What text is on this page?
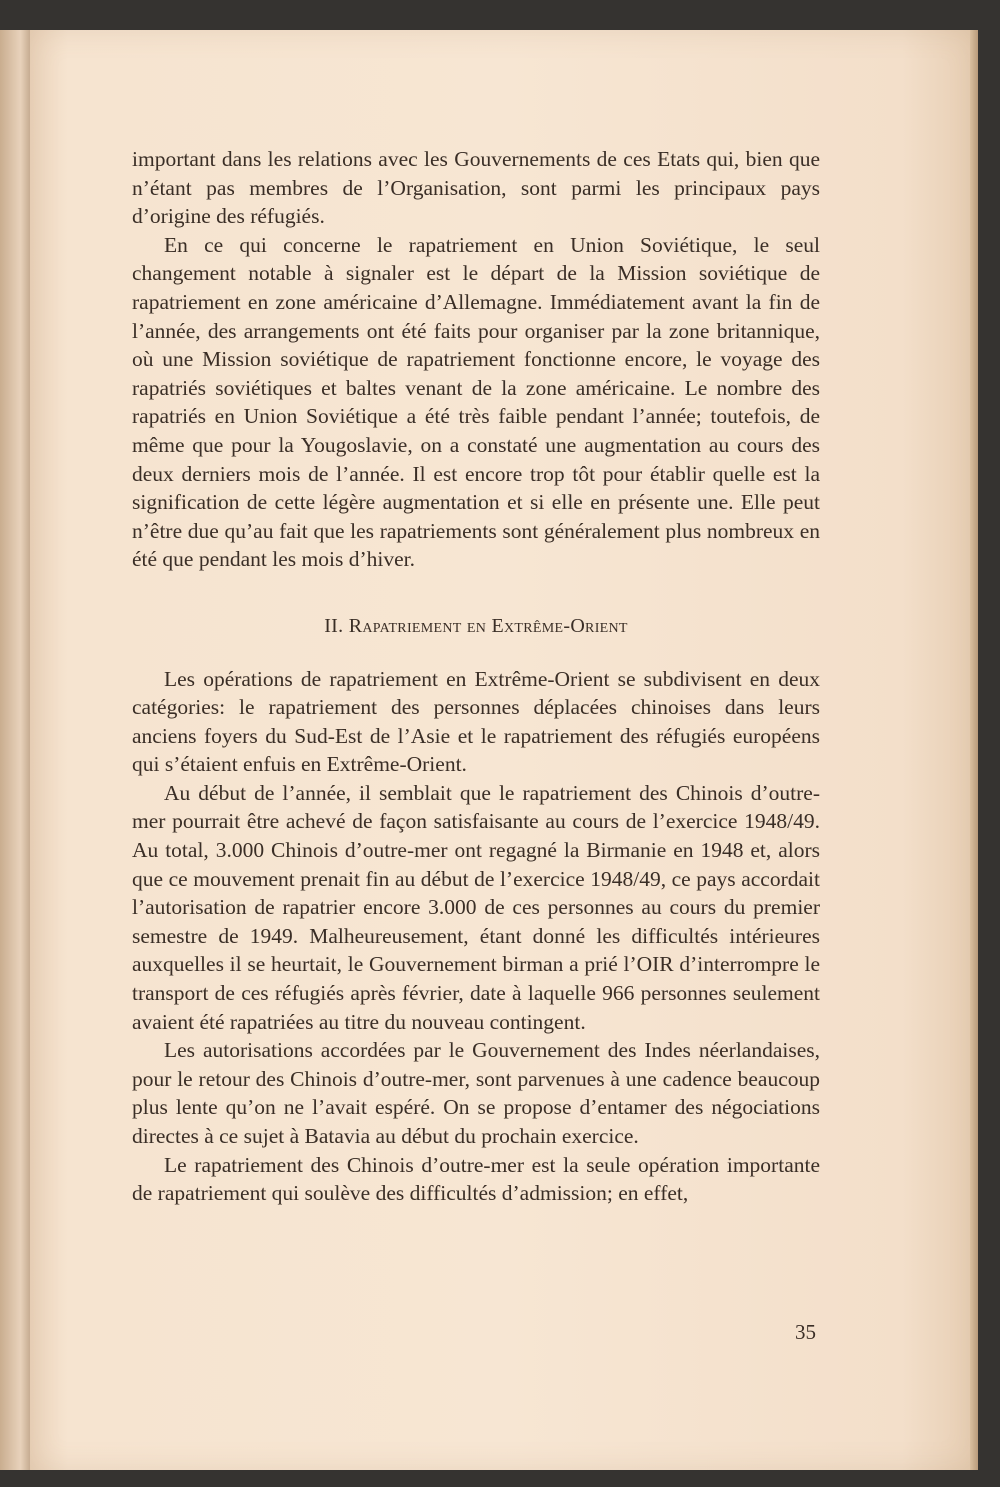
important dans les relations avec les Gouvernements de ces Etats qui, bien que n’étant pas membres de l’Organisation, sont parmi les principaux pays d’origine des réfugiés.

En ce qui concerne le rapatriement en Union Soviétique, le seul changement notable à signaler est le départ de la Mission soviétique de rapatriement en zone américaine d’Allemagne. Immédiatement avant la fin de l’année, des arrangements ont été faits pour organiser par la zone britannique, où une Mission soviétique de rapatriement fonctionne encore, le voyage des rapatriés soviétiques et baltes venant de la zone américaine. Le nombre des rapatriés en Union Soviétique a été très faible pendant l’année; toutefois, de même que pour la Yougoslavie, on a constaté une augmentation au cours des deux derniers mois de l’année. Il est encore trop tôt pour établir quelle est la signification de cette légère augmentation et si elle en présente une. Elle peut n’être due qu’au fait que les rapatriements sont généralement plus nombreux en été que pendant les mois d’hiver.

II. Rapatriement en Extrême-Orient

Les opérations de rapatriement en Extrême-Orient se subdivisent en deux catégories: le rapatriement des personnes déplacées chinoises dans leurs anciens foyers du Sud-Est de l’Asie et le rapatriement des réfugiés européens qui s’étaient enfuis en Extrême-Orient.

Au début de l’année, il semblait que le rapatriement des Chinois d’outre-mer pourrait être achevé de façon satisfaisante au cours de l’exercice 1948/49. Au total, 3.000 Chinois d’outre-mer ont regagné la Birmanie en 1948 et, alors que ce mouvement prenait fin au début de l’exercice 1948/49, ce pays accordait l’autorisation de rapatrier encore 3.000 de ces personnes au cours du premier semestre de 1949. Malheureusement, étant donné les difficultés intérieures auxquelles il se heurtait, le Gouvernement birman a prié l’OIR d’interrompre le transport de ces réfugiés après février, date à laquelle 966 personnes seulement avaient été rapatriées au titre du nouveau contingent.

Les autorisations accordées par le Gouvernement des Indes néerlandaises, pour le retour des Chinois d’outre-mer, sont parvenues à une cadence beaucoup plus lente qu’on ne l’avait espéré. On se propose d’entamer des négociations directes à ce sujet à Batavia au début du prochain exercice.

Le rapatriement des Chinois d’outre-mer est la seule opération importante de rapatriement qui soulève des difficultés d’admission; en effet,

35
